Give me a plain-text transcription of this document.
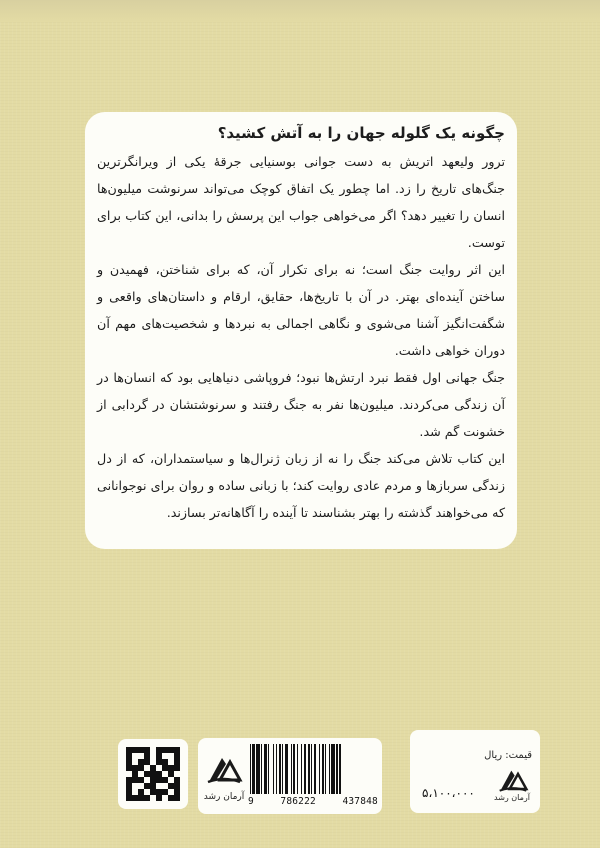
چگونه یک گلوله جهان را به آتش کشید؟

ترور ولیعهد اتریش به دست جوانی بوسنیایی جرقهٔ یکی از ویرانگرترین جنگ‌های تاریخ را زد. اما چطور یک اتفاق کوچک می‌تواند سرنوشت میلیون‌ها انسان را تغییر دهد؟ اگر می‌خواهی جواب این پرسش را بدانی، این کتاب برای توست.

این اثر روایت جنگ است؛ نه برای تکرار آن، که برای شناختن، فهمیدن و ساختن آینده‌ای بهتر. در آن با تاریخ‌ها، حقایق، ارقام و داستان‌های واقعی و شگفت‌انگیز آشنا می‌شوی و نگاهی اجمالی به نبردها و شخصیت‌های مهم آن دوران خواهی داشت.

جنگ جهانی اول فقط نبرد ارتش‌ها نبود؛ فروپاشی دنیاهایی بود که انسان‌ها در آن زندگی می‌کردند. میلیون‌ها نفر به جنگ رفتند و سرنوشتشان در گردابی از خشونت گم شد.

این کتاب تلاش می‌کند جنگ را نه از زبان ژنرال‌ها و سیاستمداران، که از دل زندگی سربازها و مردم عادی روایت کند؛ با زبانی ساده و روان برای نوجوانانی که می‌خواهند گذشته را بهتر بشناسند تا آینده را آگاهانه‌تر بسازند.

آرمان رشد 9	786222	437848
قیمت: ریال
آرمان رشد
۵،۱۰۰،۰۰۰
